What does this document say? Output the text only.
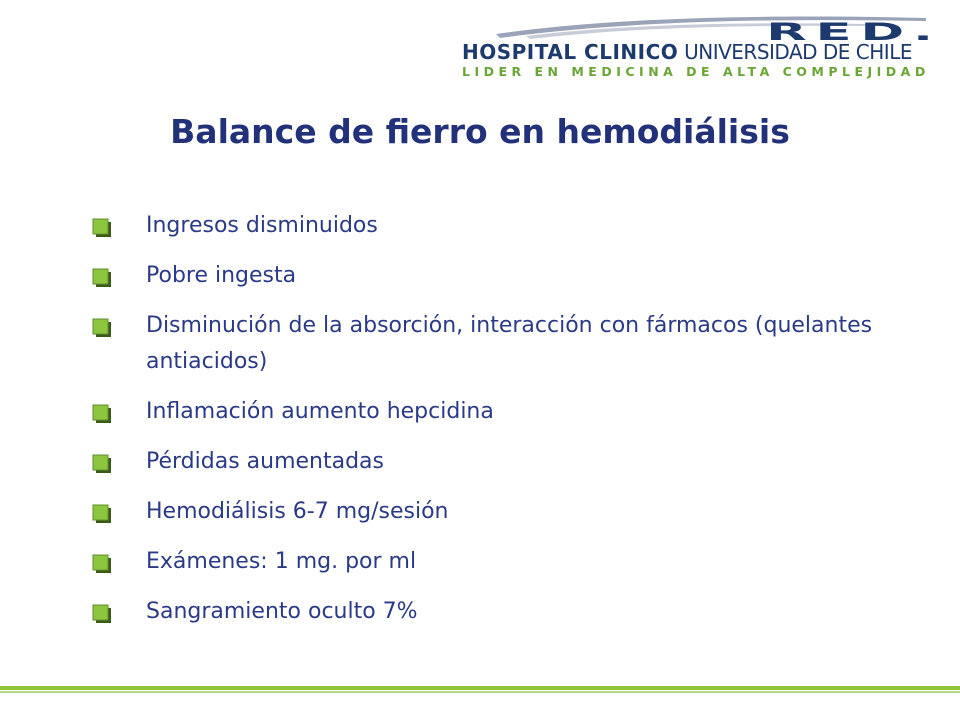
RED.
HOSPITAL CLINICO UNIVERSIDAD DE CHILE
LIDER EN MEDICINA DE ALTA COMPLEJIDAD
Balance de fierro en hemodiálisis
Ingresos disminuidos
Pobre ingesta
Disminución de la absorción, interacción con fármacos (quelantes antiacidos)
Inflamación aumento hepcidina
Pérdidas aumentadas
Hemodiálisis 6-7 mg/sesión
Exámenes: 1 mg. por ml
Sangramiento oculto 7%
